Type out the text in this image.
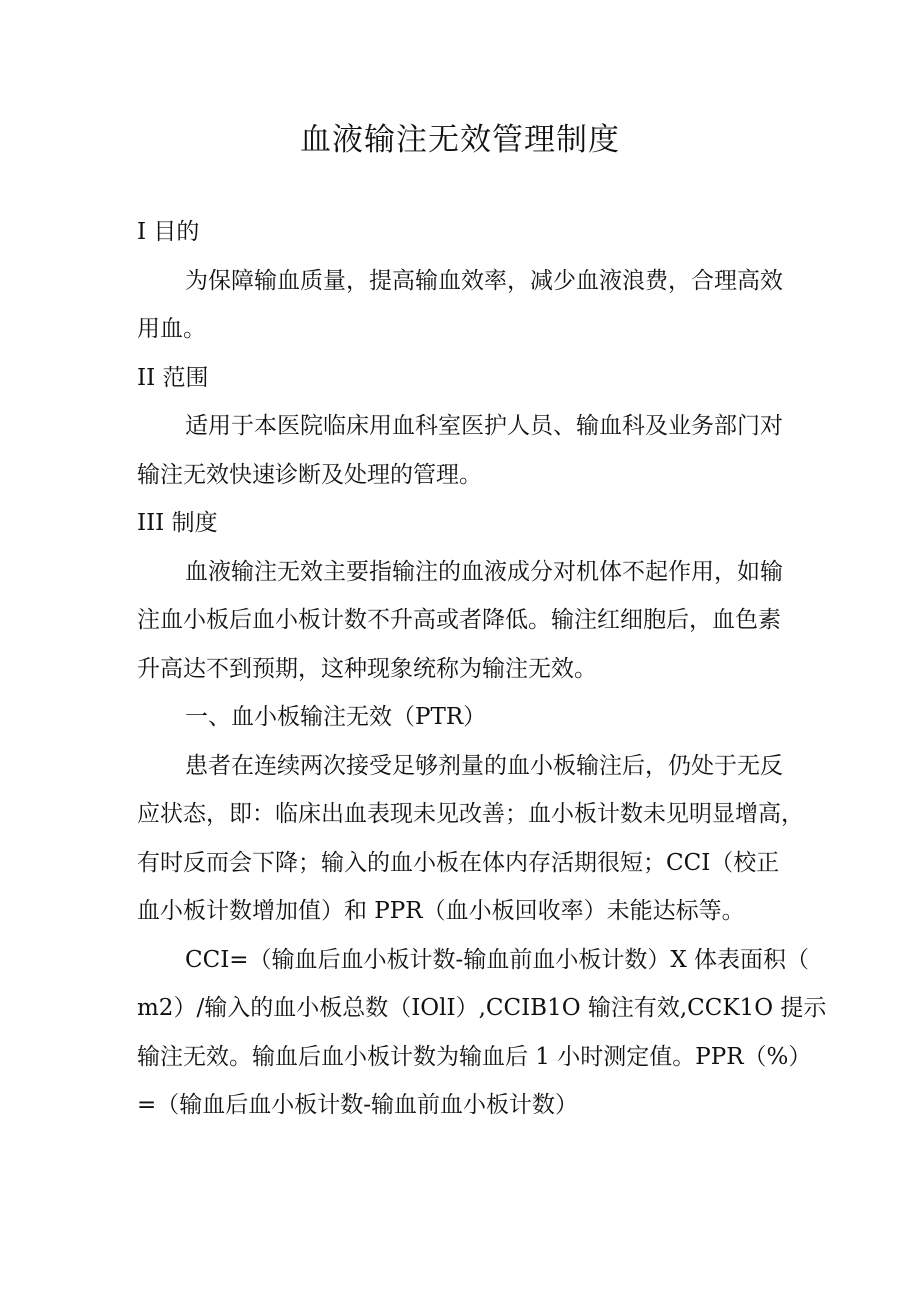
血液输注无效管理制度

I 目的

为保障输血质量，提高输血效率，减少血液浪费，合理高效

用血。

II 范围

适用于本医院临床用血科室医护人员、输血科及业务部门对

输注无效快速诊断及处理的管理。

III 制度

血液输注无效主要指输注的血液成分对机体不起作用，如输

注血小板后血小板计数不升高或者降低。输注红细胞后，血色素

升高达不到预期，这种现象统称为输注无效。

一、血小板输注无效（PTR）

患者在连续两次接受足够剂量的血小板输注后，仍处于无反

应状态，即：临床出血表现未见改善；血小板计数未见明显增高，

有时反而会下降；输入的血小板在体内存活期很短；CCI（校正

血小板计数增加值）和 PPR（血小板回收率）未能达标等。

CCI=（输血后血小板计数-输血前血小板计数）X 体表面积（

m2）/输入的血小板总数（IOlI）,CCIB1O 输注有效,CCK1O 提示

输注无效。输血后血小板计数为输血后 1 小时测定值。PPR（%）

=（输血后血小板计数-输血前血小板计数）
